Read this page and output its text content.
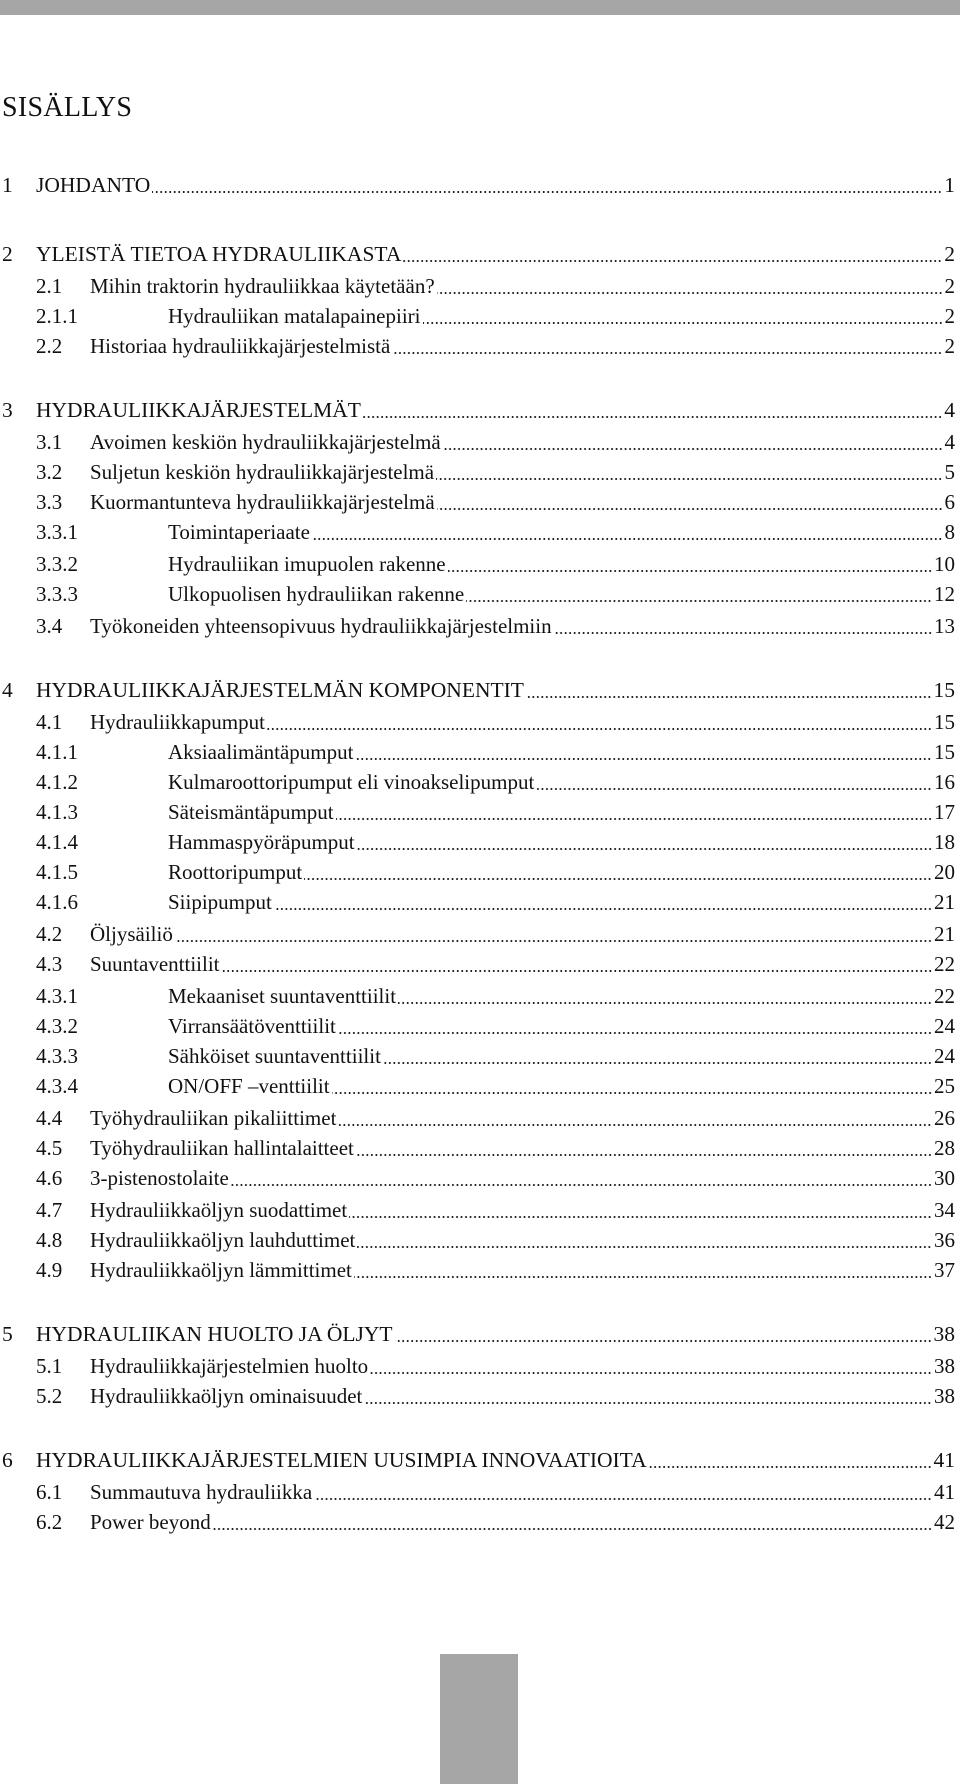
SISÄLLYS
1 JOHDANTO	1
2 YLEISTÄ TIETOA HYDRAULIIKASTA	2
2.1 Mihin traktorin hydrauliikkaa käytetään?	2
2.1.1	Hydrauliikan matalapainepiiri	2
2.2 Historiaa hydrauliikkajärjestelmistä	2
3 HYDRAULIIKKAJÄRJESTELMÄT	4
3.1 Avoimen keskiön hydrauliikkajärjestelmä	4
3.2 Suljetun keskiön hydrauliikkajärjestelmä	5
3.3 Kuormantunteva hydrauliikkajärjestelmä	6
3.3.1	Toimintaperiaate	8
3.3.2	Hydrauliikan imupuolen rakenne	10
3.3.3	Ulkopuolisen hydrauliikan rakenne	12
3.4 Työkoneiden yhteensopivuus hydrauliikkajärjestelmiin	13
4 HYDRAULIIKKAJÄRJESTELMÄN KOMPONENTIT	15
4.1 Hydrauliikkapumput	15
4.1.1	Aksiaalimäntäpumput	15
4.1.2	Kulmaroottoripumput eli vinoakselipumput	16
4.1.3	Säteismäntäpumput	17
4.1.4	Hammaspyöräpumput	18
4.1.5	Roottoripumput	20
4.1.6	Siipipumput	21
4.2 Öljysäiliö	21
4.3 Suuntaventtiilit	22
4.3.1	Mekaaniset suuntaventtiilit	22
4.3.2	Virransäätöventtiilit	24
4.3.3	Sähköiset suuntaventtiilit	24
4.3.4	ON/OFF –venttiilit	25
4.4 Työhydrauliikan pikaliittimet	26
4.5 Työhydrauliikan hallintalaitteet	28
4.6 3-pistenostolaite	30
4.7 Hydrauliikkaöljyn suodattimet	34
4.8 Hydrauliikkaöljyn lauhduttimet	36
4.9 Hydrauliikkaöljyn lämmittimet	37
5 HYDRAULIIKAN HUOLTO JA ÖLJYT	38
5.1 Hydrauliikkajärjestelmien huolto	38
5.2 Hydrauliikkaöljyn ominaisuudet	38
6 HYDRAULIIKKAJÄRJESTELMIEN UUSIMPIA INNOVAATIOITA	41
6.1 Summautuva hydrauliikka	41
6.2 Power beyond	42
